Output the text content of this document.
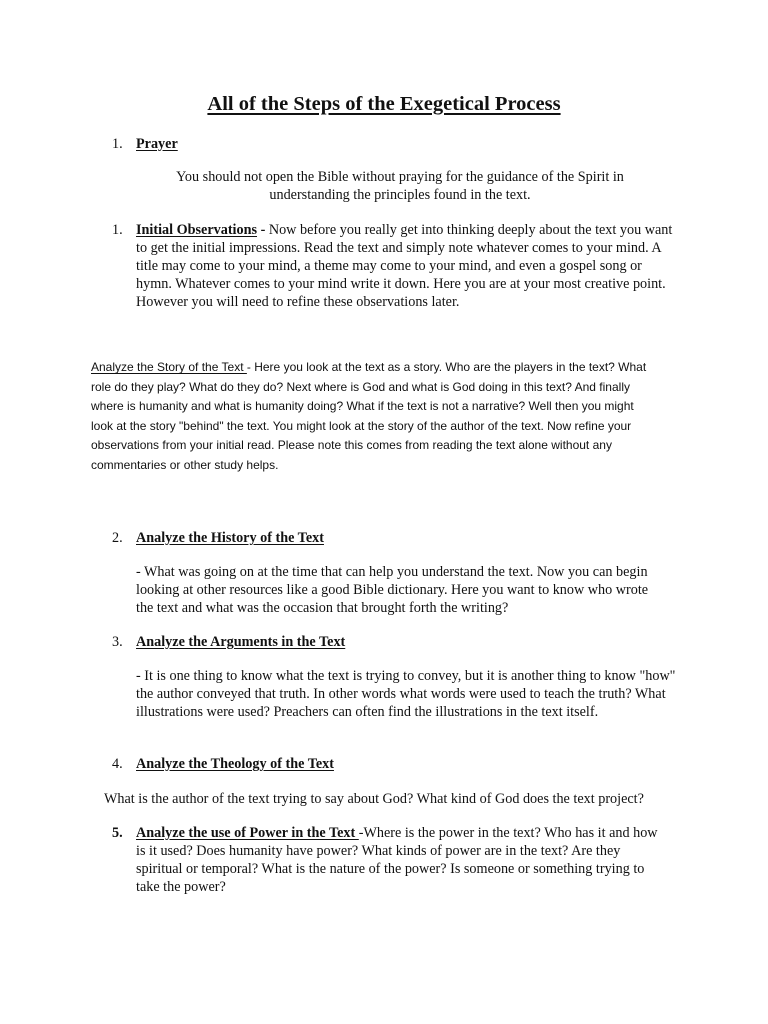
All of the Steps of the Exegetical Process
1. Prayer
You should not open the Bible without praying for the guidance of the Spirit in understanding the principles found in the text.
1. Initial Observations - Now before you really get into thinking deeply about the text you want to get the initial impressions. Read the text and simply note whatever comes to your mind. A title may come to your mind, a theme may come to your mind, and even a gospel song or hymn. Whatever comes to your mind write it down. Here you are at your most creative point. However you will need to refine these observations later.
Analyze the Story of the Text - Here you look at the text as a story. Who are the players in the text? What role do they play? What do they do? Next where is God and what is God doing in this text? And finally where is humanity and what is humanity doing? What if the text is not a narrative? Well then you might look at the story "behind" the text. You might look at the story of the author of the text. Now refine your observations from your initial read. Please note this comes from reading the text alone without any commentaries or other study helps.
2. Analyze the History of the Text
- What was going on at the time that can help you understand the text. Now you can begin looking at other resources like a good Bible dictionary. Here you want to know who wrote the text and what was the occasion that brought forth the writing?
3. Analyze the Arguments in the Text
- It is one thing to know what the text is trying to convey, but it is another thing to know "how" the author conveyed that truth. In other words what words were used to teach the truth? What illustrations were used? Preachers can often find the illustrations in the text itself.
4. Analyze the Theology of the Text
What is the author of the text trying to say about God? What kind of God does the text project?
5. Analyze the use of Power in the Text -Where is the power in the text? Who has it and how is it used? Does humanity have power? What kinds of power are in the text? Are they spiritual or temporal? What is the nature of the power? Is someone or something trying to take the power?
